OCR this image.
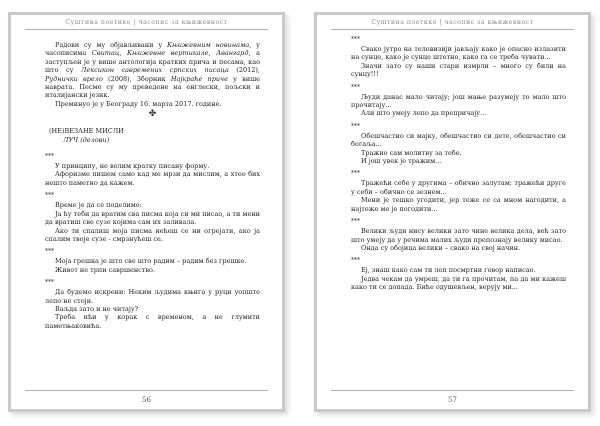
Суштина поетике | часопис за књижевност

Радови су му објављивани у Књижевним новинама, у часописима Свитац, Књижевне вертикале, Авангард, а заступљен је у више антологија кратких прича и песама, као што су Лексикон савремених српских писаца (2012), Руднички врело (2008), Зборник Најкраће приче у више наврата. Песме су му преведене на енглески, пољски и италијански језик.

Преминуо је у Београду 16. марта 2017. године.

✤
(НЕ)ВЕЗАНЕ МИСЛИ
ЛУЧ (делови)

***

У принципу, не волим кратку писану форму.

Афоризме пишем само кад ме мрзи да мислим, а хтео бих нешто паметно да кажем.

***

Време је да се поделимо:

Ја ћу теби да вратим сва писма која си ми писао, а ти мени да вратиш све сузе којима сам их заливала.

Ако ти спалиш моја писма нећеш се ни огрејати, ако ја спалим твоје сузе - смрзнућеш се.

***

Моја грешка је што све што радим – радим без грешке.

Живот не трпи савршенство.

***

Да будемо искрени: Неким људима књига у руци уопште лепо не стоји.

Ваљда зато и не читају?

Треба ићи у корак с временом, а не глумити паметњаковића.

56
Суштина поетике | часопис за књижевност

***

Свако јутро на телевизији јављају како је опасно излазити на сунце, како је сунце штетно, како га се треба чувати...

Значи зато су наши стари измрли – много су били на сунцу!!!

***

Људи данас мало читају; још мање разумеју то мало што прочитају...

Али што умеју лепо да препричају...

***

Обешчастио си мајку, обешчастио си дете, обешчастио си богаља...

Тражио сам молитву за тебе.

И још увек је тражим...

***

Тражећи себе у другима – обично залутам; тражећи друге у себи – обично се зезнем...

Мени је тешко угодити, јер теже се са мном нагодити, а најтеже ме је погодити...

***

Велики људи нису велики зато чине велика дела, већ зато што умеју да у речима малих људи препознају велику мисао.

Онда су обојица велики – свако на свој начин.

***

Ej, знаш како сам ти леп посмртни говор написао.

Једва чекам да умреш, да ти га прочитам, па да ми кажеш како ти се допада. Биће одушевљен, верују ми...

57
